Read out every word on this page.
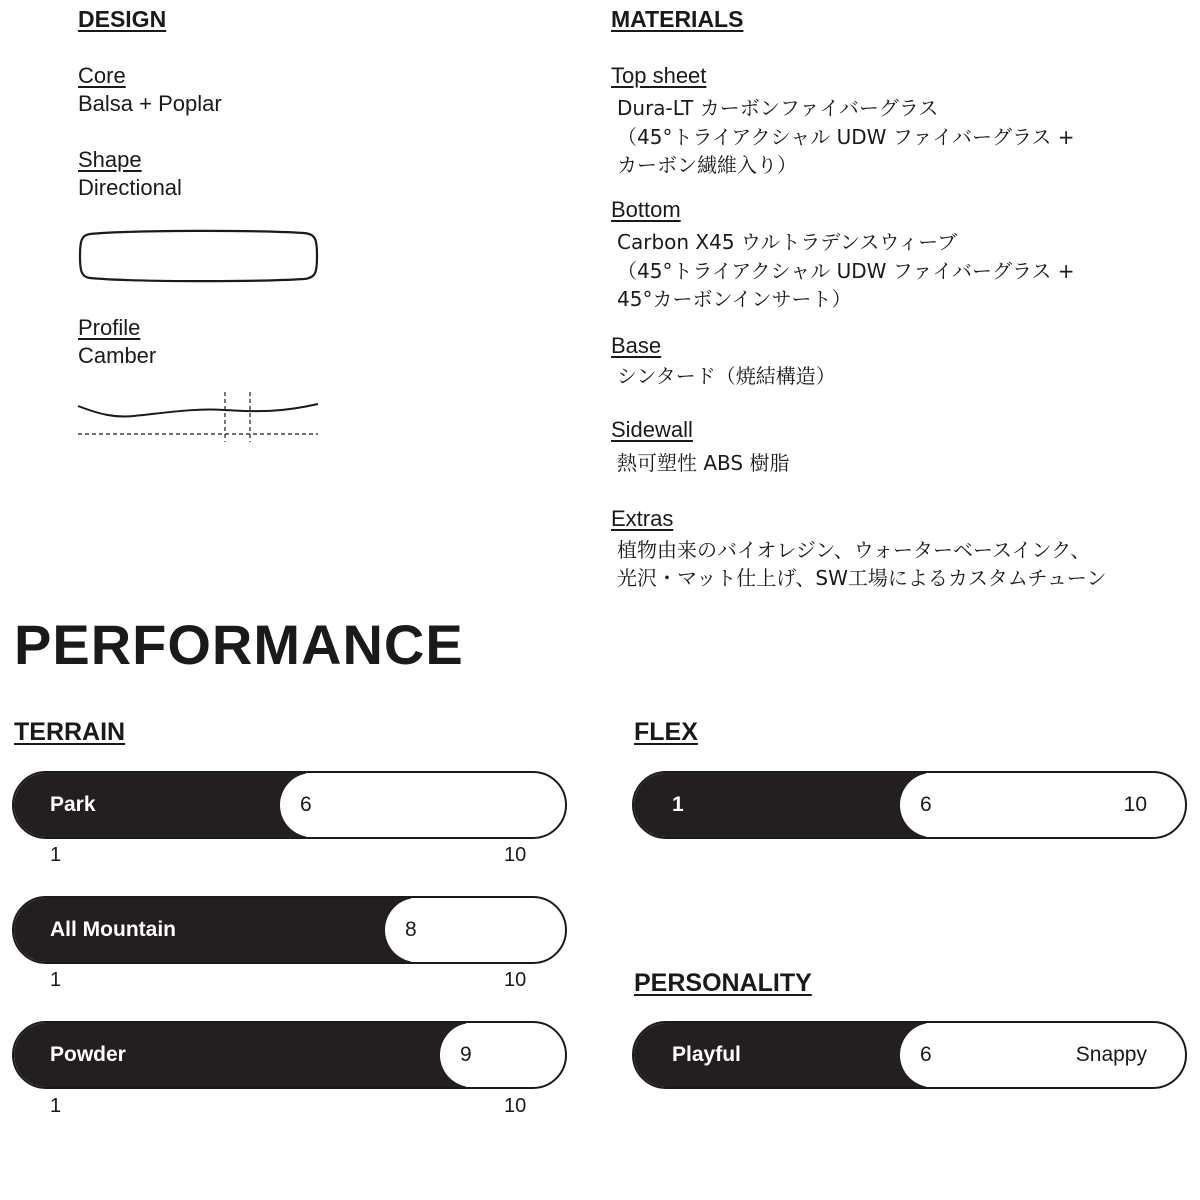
DESIGN
Core
Balsa + Poplar
Shape
Directional
Profile
Camber
MATERIALS
Top sheet
Dura-LT カーボンファイバーグラス
（45°トライアクシャル UDW ファイバーグラス +
カーボン繊維入り）
Bottom
Carbon X45 ウルトラデンスウィーブ
（45°トライアクシャル UDW ファイバーグラス +
45°カーボンインサート）
Base
シンタード（焼結構造）
Sidewall
熱可塑性 ABS 樹脂
Extras
植物由来のバイオレジン、ウォーターベースインク、
光沢・マット仕上げ、SW工場によるカスタムチューン
PERFORMANCE
TERRAIN
Park	6
1	10
All Mountain	8
1	10
Powder	9
1	10
FLEX
1	6	10
PERSONALITY
Playful	6	Snappy
